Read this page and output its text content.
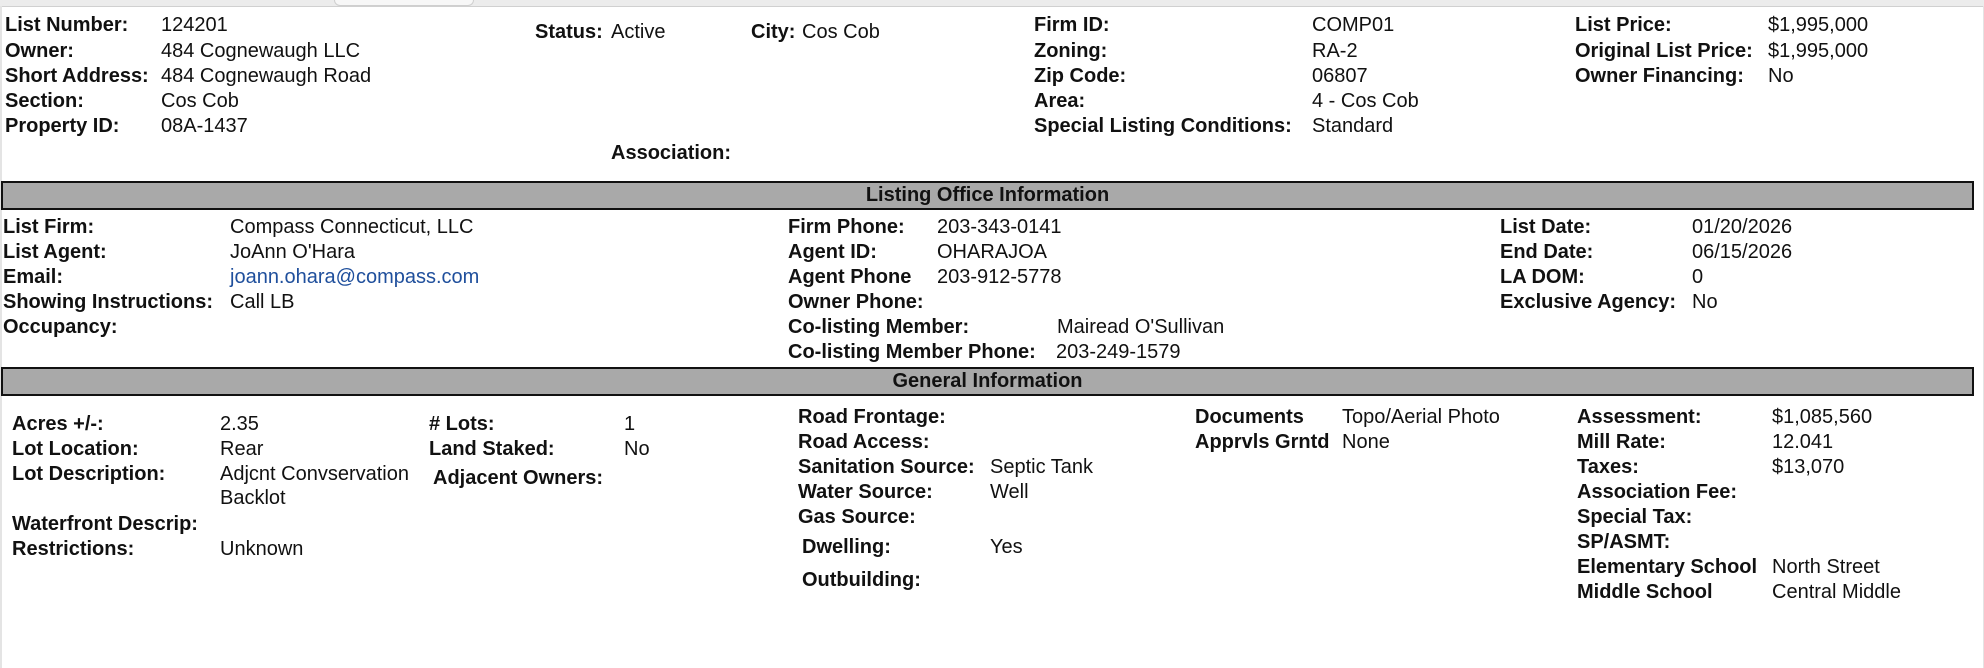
List Number: 124201
Owner:	484 Cognewaugh LLC
Short Address: 484 Cognewaugh Road
Section:	Cos Cob
Property ID: 08A-1437
Status: Active	City: Cos Cob
Association:
Firm ID:	COMP01
Zoning:	RA-2
Zip Code:	06807
Area:	4 - Cos Cob
Special Listing Conditions: Standard
List Price:	$1,995,000
Original List Price: $1,995,000
Owner Financing: No
Listing Office Information
List Firm:	Compass Connecticut, LLC
List Agent:	JoAnn O'Hara
Email:	joann.ohara@compass.com
Showing Instructions: Call LB
Occupancy:
Firm Phone: 203-343-0141
Agent ID:	OHARAJOA
Agent Phone 203-912-5778
Owner Phone:
Co-listing Member:	Mairead O'Sullivan
Co-listing Member Phone: 203-249-1579
List Date:	01/20/2026
End Date:	06/15/2026
LA DOM:	0
Exclusive Agency: No
General Information
Acres +/-:	2.35
Lot Location:	Rear
Lot Description:	Adjcnt Convservation
Backlot
Waterfront Descrip:
Restrictions:	Unknown
# Lots:	1
Land Staked:	No
Adjacent Owners:
Road Frontage:
Road Access:
Sanitation Source: Septic Tank
Water Source:	Well
Gas Source:
Dwelling:	Yes
Outbuilding:
Documents Topo/Aerial Photo
Apprvls Grntd None
Assessment:	$1,085,560
Mill Rate:	12.041
Taxes:	$13,070
Association Fee:
Special Tax:
SP/ASMT:
Elementary School North Street
Middle School	Central Middle
